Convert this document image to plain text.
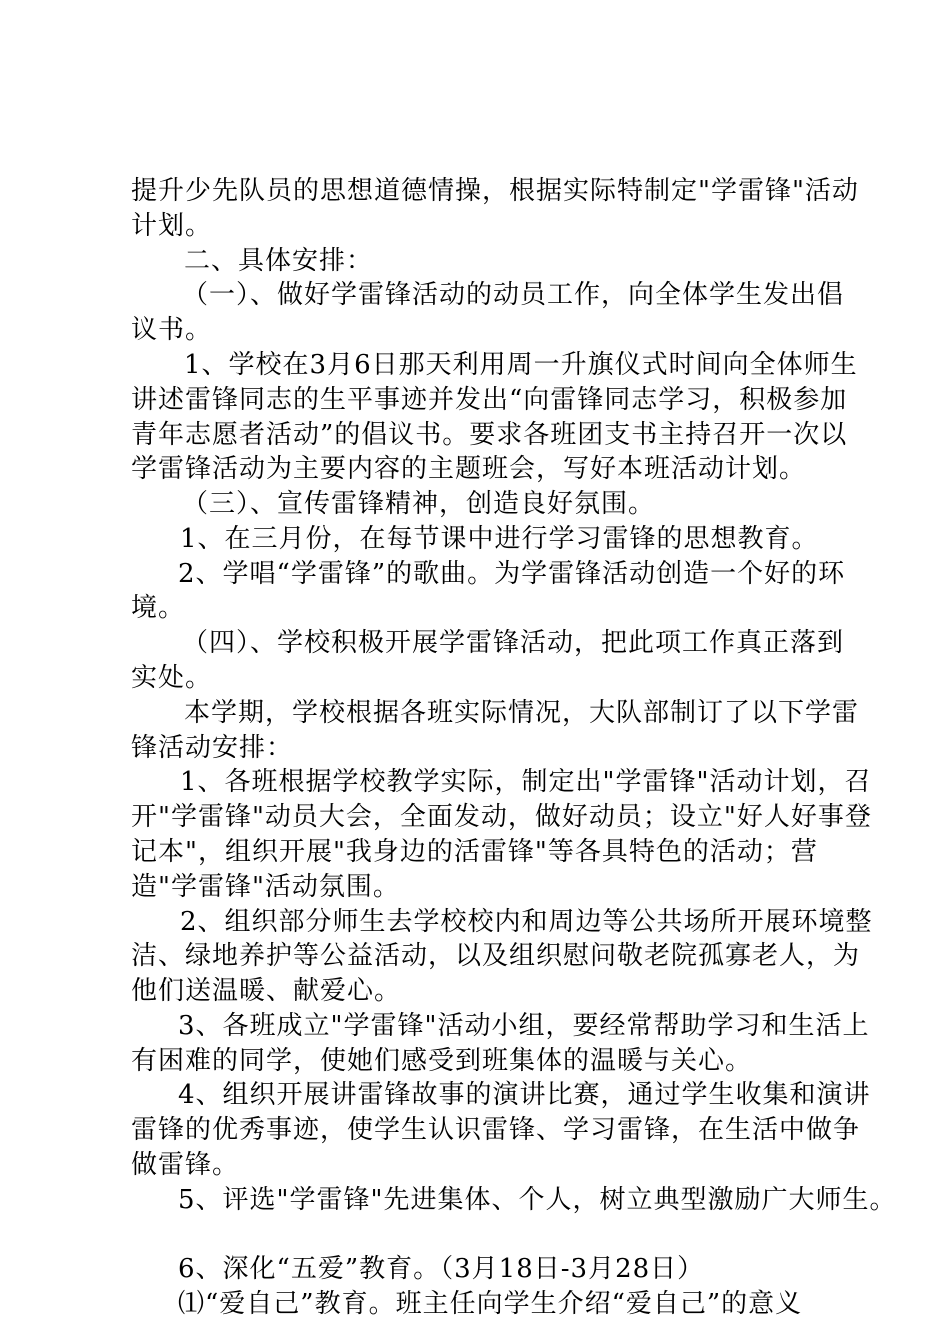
提升少先队员的思想道德情操，根据实际特制定"学雷锋"活动
计划。
二、具体安排：
（一）、做好学雷锋活动的动员工作，向全体学生发出倡
议书。
1、学校在3月6日那天利用周一升旗仪式时间向全体师生
讲述雷锋同志的生平事迹并发出“向雷锋同志学习，积极参加
青年志愿者活动”的倡议书。要求各班团支书主持召开一次以
学雷锋活动为主要内容的主题班会，写好本班活动计划。
（三）、宣传雷锋精神，创造良好氛围。
1、在三月份，在每节课中进行学习雷锋的思想教育。
2、学唱“学雷锋”的歌曲。为学雷锋活动创造一个好的环
境。
（四）、学校积极开展学雷锋活动，把此项工作真正落到
实处。
本学期，学校根据各班实际情况，大队部制订了以下学雷
锋活动安排：
1、各班根据学校教学实际，制定出"学雷锋"活动计划，召
开"学雷锋"动员大会，全面发动，做好动员；设立"好人好事登
记本"，组织开展"我身边的活雷锋"等各具特色的活动；营
造"学雷锋"活动氛围。
2、组织部分师生去学校校内和周边等公共场所开展环境整
洁、绿地养护等公益活动，以及组织慰问敬老院孤寡老人，为
他们送温暖、献爱心。
3、各班成立"学雷锋"活动小组，要经常帮助学习和生活上
有困难的同学，使她们感受到班集体的温暖与关心。
4、组织开展讲雷锋故事的演讲比赛，通过学生收集和演讲
雷锋的优秀事迹，使学生认识雷锋、学习雷锋，在生活中做争
做雷锋。
5、评选"学雷锋"先进集体、个人，树立典型激励广大师生。
6、深化“五爱”教育。（3月18日-3月28日）
⑴“爱自己”教育。班主任向学生介绍“爱自己”的意义
